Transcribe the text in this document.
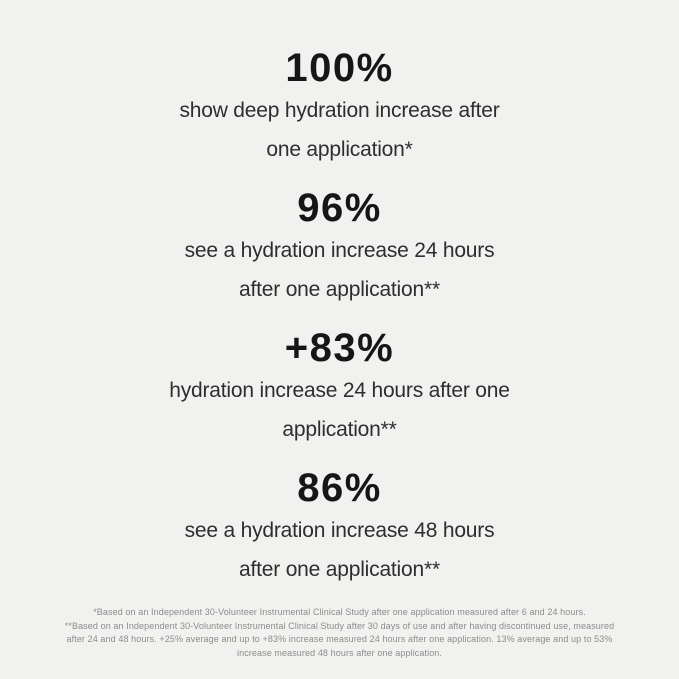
100%
show deep hydration increase after
one application*
96%
see a hydration increase 24 hours
after one application**
+83%
hydration increase 24 hours after one
application**
86%
see a hydration increase 48 hours
after one application**
*Based on an Independent 30-Volunteer Instrumental Clinical Study after one application measured after 6 and 24 hours.
**Based on an Independent 30-Volunteer Instrumental Clinical Study after 30 days of use and after having discontinued use, measured
after 24 and 48 hours. +25% average and up to +83% increase measured 24 hours after one application. 13% average and up to 53%
increase measured 48 hours after one application.
